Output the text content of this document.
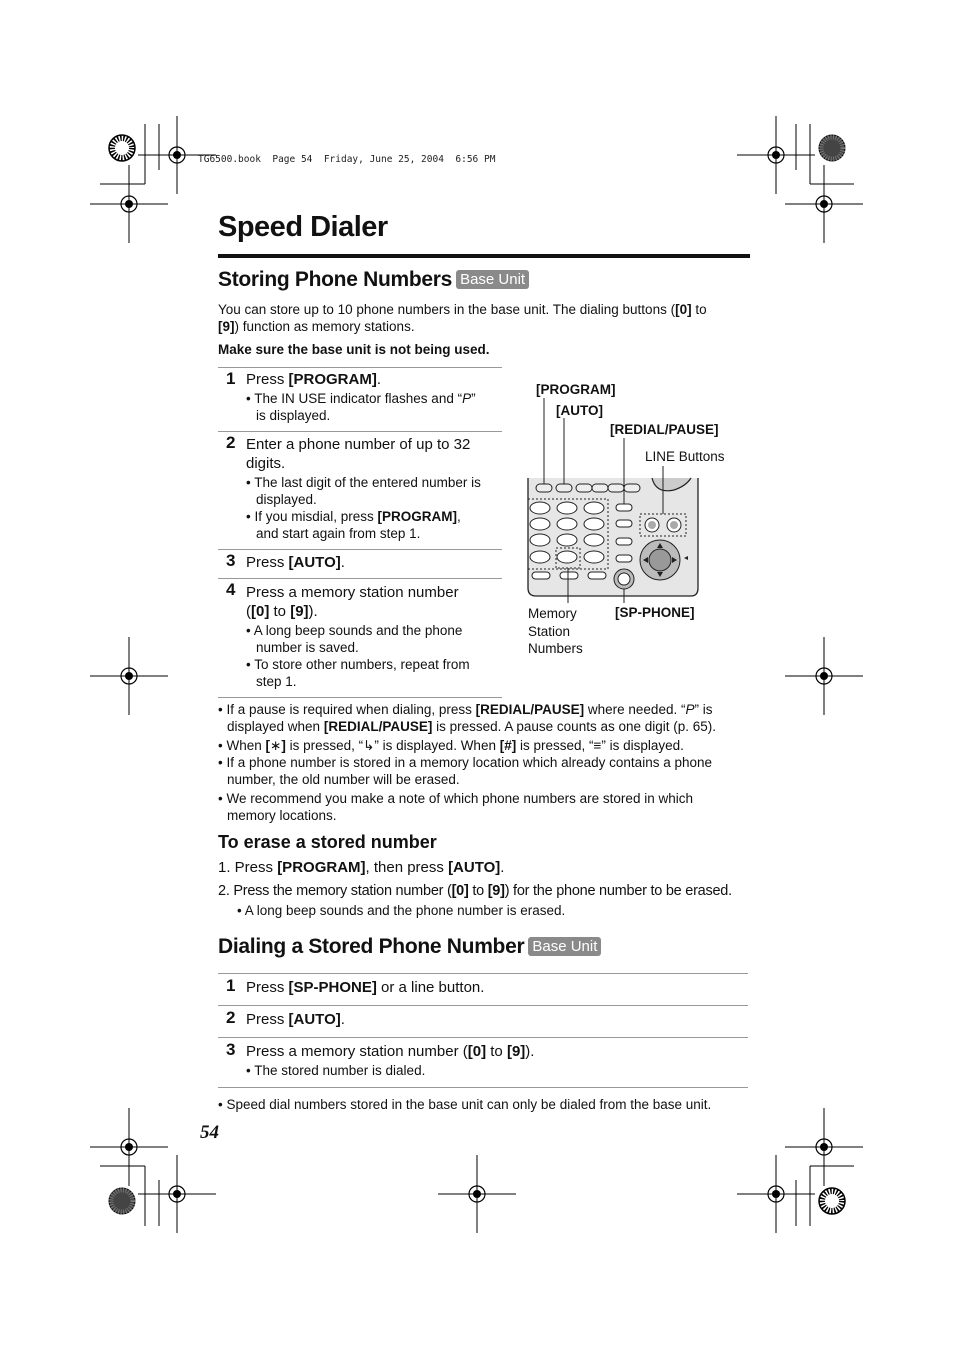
TG6500.book  Page 54  Friday, June 25, 2004  6:56 PM
Speed Dialer
Storing Phone Numbers Base Unit
You can store up to 10 phone numbers in the base unit. The dialing buttons ([0] to
[9]) function as memory stations.
Make sure the base unit is not being used.
1 Press [PROGRAM].
• The IN USE indicator flashes and “P”
is displayed.
2 Enter a phone number of up to 32
digits.
• The last digit of the entered number is
displayed.
• If you misdial, press [PROGRAM],
and start again from step 1.
3 Press [AUTO].
4 Press a memory station number
([0] to [9]).
• A long beep sounds and the phone
number is saved.
• To store other numbers, repeat from
step 1.
[PROGRAM]
[AUTO]
[REDIAL/PAUSE]
LINE Buttons
Memory
Station
Numbers
[SP-PHONE]
• If a pause is required when dialing, press [REDIAL/PAUSE] where needed. “P” is
displayed when [REDIAL/PAUSE] is pressed. A pause counts as one digit (p. 65).
• When [∗] is pressed, “↳” is displayed. When [#] is pressed, “≡” is displayed.
• If a phone number is stored in a memory location which already contains a phone
number, the old number will be erased.
• We recommend you make a note of which phone numbers are stored in which
memory locations.
To erase a stored number
1. Press [PROGRAM], then press [AUTO].
2. Press the memory station number ([0] to [9]) for the phone number to be erased.
• A long beep sounds and the phone number is erased.
Dialing a Stored Phone Number Base Unit
1 Press [SP-PHONE] or a line button.
2 Press [AUTO].
3 Press a memory station number ([0] to [9]).
• The stored number is dialed.
• Speed dial numbers stored in the base unit can only be dialed from the base unit.
54
